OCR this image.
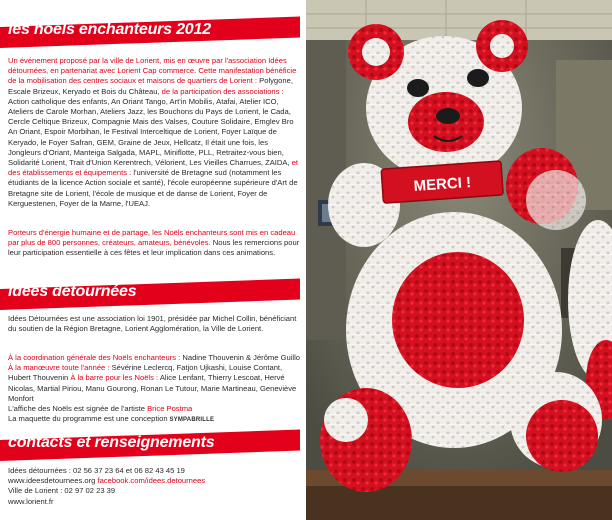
les noëls enchanteurs 2012
Un événement proposé par la ville de Lorient, mis en œuvre par l'association Idées détournées, en partenariat avec Lorient Cap commerce. Cette manifestation bénéficie de la mobilisation des centres sociaux et maisons de quartiers de Lorient : Polygone, Escale Brizeux, Keryado et Bois du Château, de la participation des associations : Action catholique des enfants, An Oriant Tango, Art'in Mobilis, Atafai, Atelier ICO, Ateliers de Carole Morhan, Ateliers Jazz, les Bouchons du Pays de Lorient, le Cada, Cercle Celtique Brizeux, Compagnie Mais des Valses, Couture Solidaire, Emglev Bro An Oriant, Espoir Morbihan, le Festival Interceltique de Lorient, Foyer Laïque de Keryado, le Foyer Safran, GEM, Graine de Jeux, Hellcatz, Il était une fois, les Jongleurs d'Oriant, Manteiga Salgada, MAPL, Miniflotte, PLL, Retraitez-vous bien, Solidarité Lorient, Trait d'Union Kerentrech, Vélorient, Les Vieilles Charrues, ZAIDA, et des établissements et équipements : l'université de Bretagne sud (notamment les étudiants de la licence Action sociale et santé), l'école européenne supérieure d'Art de Bretagne site de Lorient, l'école de musique et de danse de Lorient, Foyer de Kerguestenen, Foyer de la Marne, l'UEAJ.
Porteurs d'énergie humaine et de partage, les Noëls enchanteurs sont mis en cadeau par plus de 800 personnes, créateurs, amateurs, bénévoles. Nous les remercions pour leur participation essentielle à ces fêtes et leur implication dans ces animations.
idées détournées
Idées Détournées est une association loi 1901, présidée par Michel Collin, bénéficiant du soutien de la Région Bretagne, Lorient Agglomération, la Ville de Lorient.
À la coordination générale des Noëls enchanteurs : Nadine Thouvenin & Jérôme Guillo À la manœuvre toute l'année : Sévérine Leclercq, Fatjon Ujkashi, Louise Contant, Hubert Thouvenin À la barre pour les Noëls : Alice Lenfant, Thierry Lescoat, Hervé Nicolas, Martial Piriou, Manu Gourong, Ronan Le Tutour, Marie Martineau, Geneviève Monfort
L'affiche des Noëls est signée de l'artiste Brice Postma
La maquette du programme est une conception SYMPABRILLE
contacts et renseignements
Idées détournées : 02 56 37 23 64 et 06 82 43 45 19
www.ideesdetournees.org facebook.com/idees.detournees
Ville de Lorient : 02 97 02 23 39
www.lorient.fr
MERCI !
